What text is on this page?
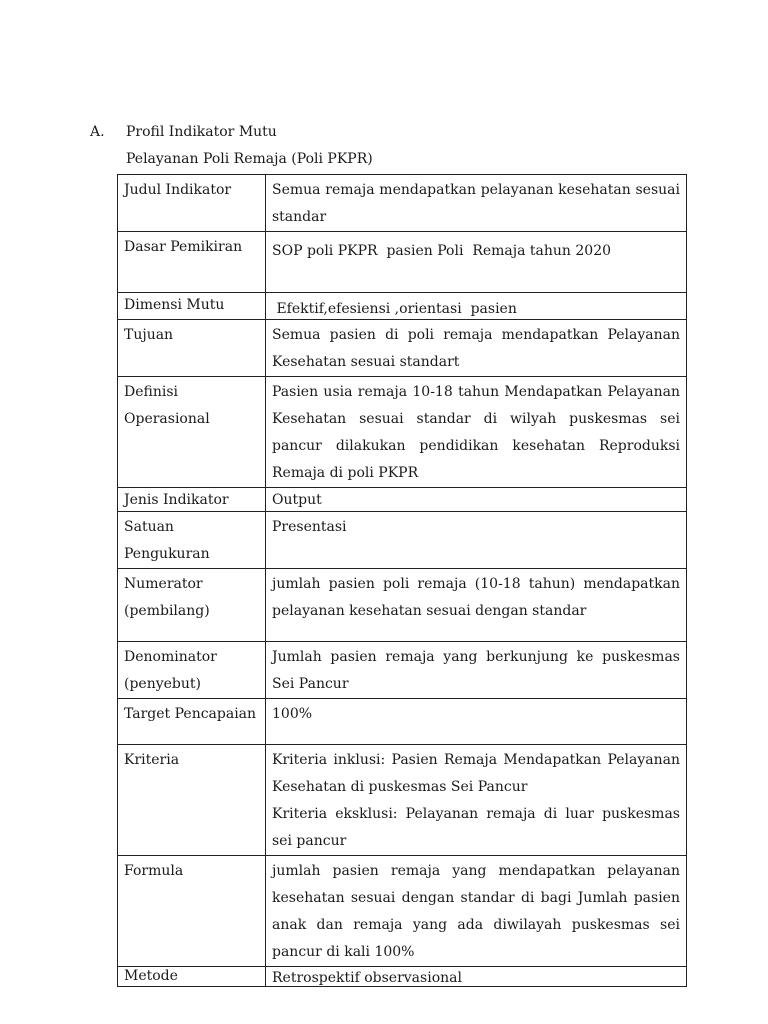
A. Profil Indikator Mutu
Pelayanan Poli Remaja (Poli PKPR)
Judul Indikator	Semua remaja mendapatkan pelayanan kesehatan sesuai standar

Dasar Pemikiran	SOP poli PKPR  pasien Poli  Remaja tahun 2020

Dimensi Mutu	Efektif,efesiensi ,orientasi  pasien

Tujuan	Semua pasien di poli remaja mendapatkan Pelayanan Kesehatan sesuai standart

Definisi Operasional	Pasien usia remaja 10-18 tahun Mendapatkan Pelayanan Kesehatan sesuai standar di wilyah puskesmas sei pancur dilakukan pendidikan kesehatan Reproduksi Remaja di poli PKPR

Jenis Indikator	Output

Satuan Pengukuran	Presentasi

Numerator (pembilang)	jumlah pasien poli remaja (10-18 tahun) mendapatkan pelayanan kesehatan sesuai dengan standar

Denominator (penyebut)	Jumlah pasien remaja yang berkunjung ke puskesmas Sei Pancur

Target Pencapaian	100%

Kriteria	Kriteria inklusi: Pasien Remaja Mendapatkan Pelayanan Kesehatan di puskesmas Sei Pancur

Kriteria eksklusi: Pelayanan remaja di luar puskesmas sei pancur

Formula	jumlah pasien remaja yang mendapatkan pelayanan kesehatan sesuai dengan standar di bagi Jumlah pasien anak dan remaja yang ada diwilayah puskesmas sei pancur di kali 100%

Metode	Retrospektif observasional
